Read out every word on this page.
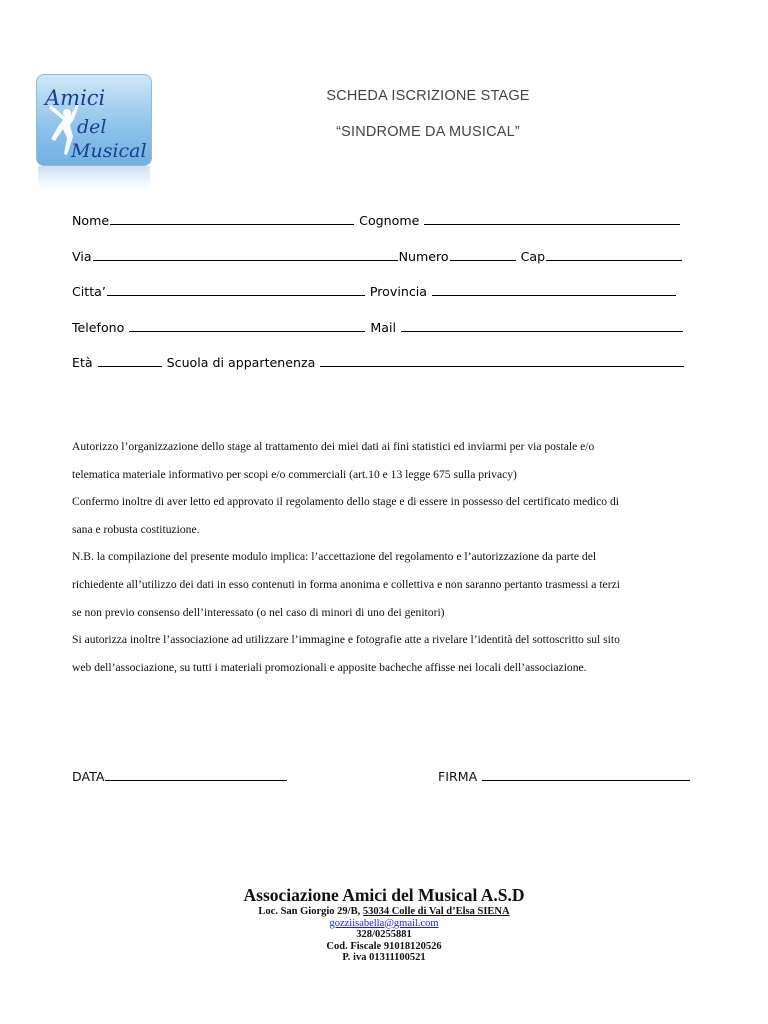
Amici
del
Musical
SCHEDA ISCRIZIONE STAGE
“SINDROME DA MUSICAL”
Nome	Cognome
Via	Numero	Cap
Citta’	Provincia
Telefono	Mail
Età	Scuola di appartenenza

Autorizzo l’organizzazione dello stage al trattamento dei miei dati ai fini statistici ed inviarmi per via postale e/o

telematica materiale informativo per scopi e/o commerciali (art.10 e 13 legge 675 sulla privacy)

Confermo inoltre di aver letto ed approvato il regolamento dello stage e di essere in possesso del certificato medico di

sana e robusta costituzione.

N.B. la compilazione del presente modulo implica: l’accettazione del regolamento e l’autorizzazione da parte del

richiedente all’utilizzo dei dati in esso contenuti in forma anonima e collettiva e non saranno pertanto trasmessi a terzi

se non previo consenso dell’interessato (o nel caso di minori di uno dei genitori)

Si autorizza inoltre l’associazione ad utilizzare l’immagine e fotografie atte a rivelare l’identità del sottoscritto sul sito

web dell’associazione, su tutti i materiali promozionali e apposite bacheche affisse nei locali dell’associazione.

DATA	FIRMA
Associazione Amici del Musical A.S.D
Loc. San Giorgio 29/B, 53034 Colle di Val d’Elsa SIENA
gozziisabella@gmail.com
328/0255881
Cod. Fiscale 91018120526
P. iva 01311100521
